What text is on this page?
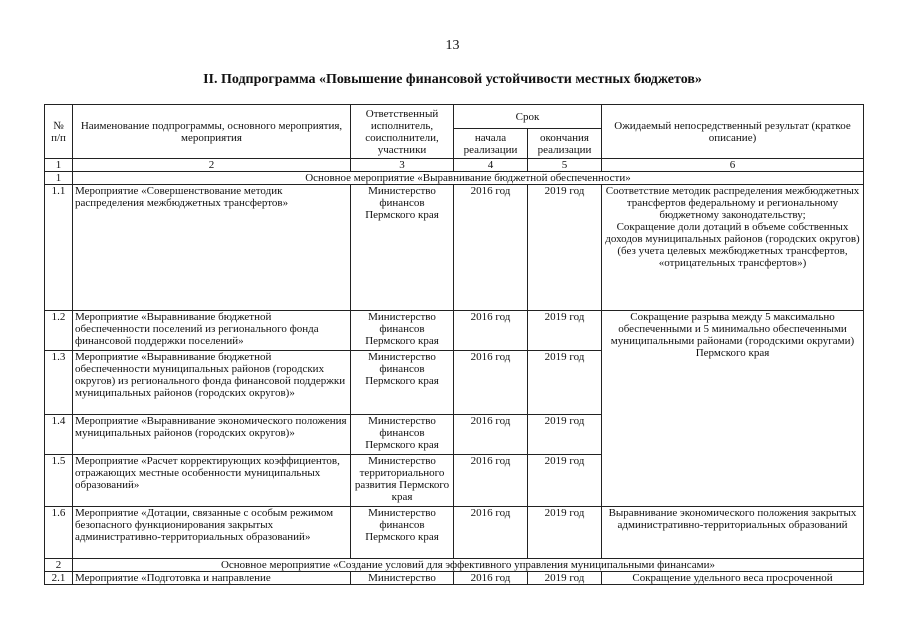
13
II. Подпрограмма «Повышение финансовой устойчивости местных бюджетов»
№
п/п	Наименование подпрограммы, основного мероприятия, мероприятия	Ответственный исполнитель, соисполнители, участники	Срок		Ожидаемый непосредственный результат (краткое описание)
			начала реализации	окончания реализации	
1	2	3	4	5	6
1	Основное мероприятие «Выравнивание бюджетной обеспеченности»				
1.1	Мероприятие «Совершенствование методик распределения межбюджетных трансфертов»	Министерство финансов Пермского края	2016 год	2019 год	Соответствие методик распределения межбюджетных трансфертов федеральному и региональному бюджетному законодательству;
Сокращение доли дотаций в объеме собственных доходов муниципальных районов (городских округов) (без учета целевых межбюджетных трансфертов, «отрицательных трансфертов»)
1.2	Мероприятие «Выравнивание бюджетной обеспеченности поселений из регионального фонда финансовой поддержки поселений»	Министерство финансов Пермского края	2016 год	2019 год	Сокращение разрыва между 5 максимально обеспеченными и 5 минимально обеспеченными муниципальными районами (городскими округами) Пермского края
1.3	Мероприятие «Выравнивание бюджетной обеспеченности муниципальных районов (городских округов) из регионального фонда финансовой поддержки муниципальных районов (городских округов)»	Министерство финансов Пермского края	2016 год	2019 год	
1.4	Мероприятие «Выравнивание экономического положения муниципальных районов (городских округов)»	Министерство финансов Пермского края	2016 год	2019 год	
1.5	Мероприятие «Расчет корректирующих коэффициентов, отражающих местные особенности муниципальных образований»	Министерство территориального развития Пермского края	2016 год	2019 год	
1.6	Мероприятие «Дотации, связанные с особым режимом безопасного функционирования закрытых административно-территориальных образований»	Министерство финансов Пермского края	2016 год	2019 год	Выравнивание экономического положения закрытых административно-территориальных образований
2	Основное мероприятие «Создание условий для эффективного управления муниципальными финансами»				
2.1	Мероприятие «Подготовка и направление	Министерство	2016 год	2019 год	Сокращение удельного веса просроченной
